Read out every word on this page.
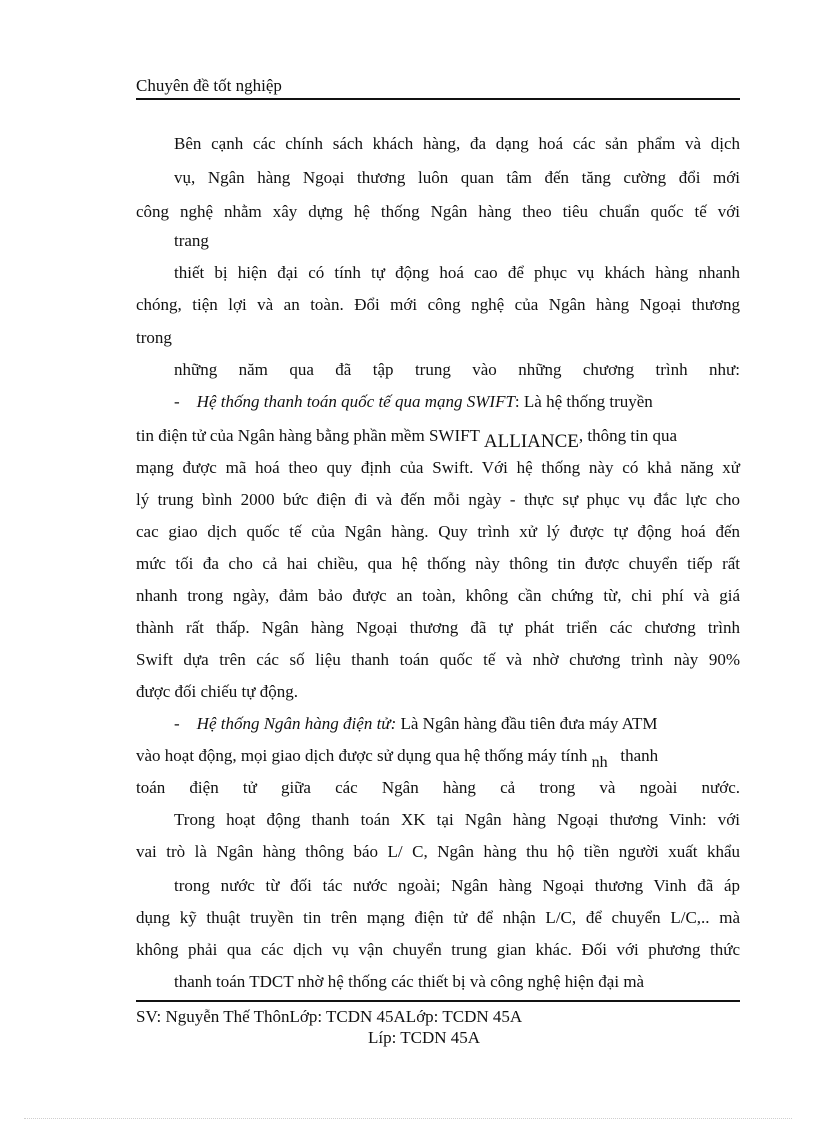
Chuyên đề tốt nghiệp
Bên cạnh các chính sách khách hàng, đa dạng hoá các sản phẩm và dịch
vụ, Ngân hàng Ngoại thương luôn quan tâm đến tăng cường đổi mới
công nghệ nhằm xây dựng hệ thống Ngân hàng theo tiêu chuẩn quốc tế với
trang
thiết bị hiện đại có tính tự động hoá cao để phục vụ khách hàng nhanh
chóng, tiện lợi và an toàn. Đổi mới công nghệ của Ngân hàng Ngoại thương
trong
những năm qua đã tập trung vào những chương trình như:
- Hệ thống thanh toán quốc tế qua mạng SWIFT: Là hệ thống truyền
tin điện tử của Ngân hàng bằng phần mềm SWIFT ALLIANCE, thông tin qua
mạng được mã hoá theo quy định của Swift. Với hệ thống này có khả năng xử
lý trung bình 2000 bức điện đi và đến mỗi ngày - thực sự phục vụ đắc lực cho
cac giao dịch quốc tế của Ngân hàng. Quy trình xử lý được tự động hoá đến
mức tối đa cho cả hai chiều, qua hệ thống này thông tin được chuyển tiếp rất
nhanh trong ngày, đảm bảo được an toàn, không cần chứng từ, chi phí và giá
thành rất thấp. Ngân hàng Ngoại thương đã tự phát triển các chương trình
Swift dựa trên các số liệu thanh toán quốc tế và nhờ chương trình này 90%
được đối chiếu tự động.
- Hệ thống Ngân hàng điện tử: Là Ngân hàng đầu tiên đưa máy ATM
vào hoạt động, mọi giao dịch được sử dụng qua hệ thống máy tính nh thanh
toán điện tử giữa các Ngân hàng cả trong và ngoài nước.
Trong hoạt động thanh toán XK tại Ngân hàng Ngoại thương Vinh: với
vai trò là Ngân hàng thông báo L/ C, Ngân hàng thu hộ tiền người xuất khẩu
trong nước từ đối tác nước ngoài; Ngân hàng Ngoại thương Vinh đã áp
dụng kỹ thuật truyền tin trên mạng điện tử để nhận L/C, để chuyển L/C,.. mà
không phải qua các dịch vụ vận chuyển trung gian khác. Đối với phương thức
thanh toán TDCT nhờ hệ thống các thiết bị và công nghệ hiện đại mà
SV: Nguyễn Thế ThônLớp: TCDN 45ALớp: TCDN 45A
Líp: TCDN 45A
